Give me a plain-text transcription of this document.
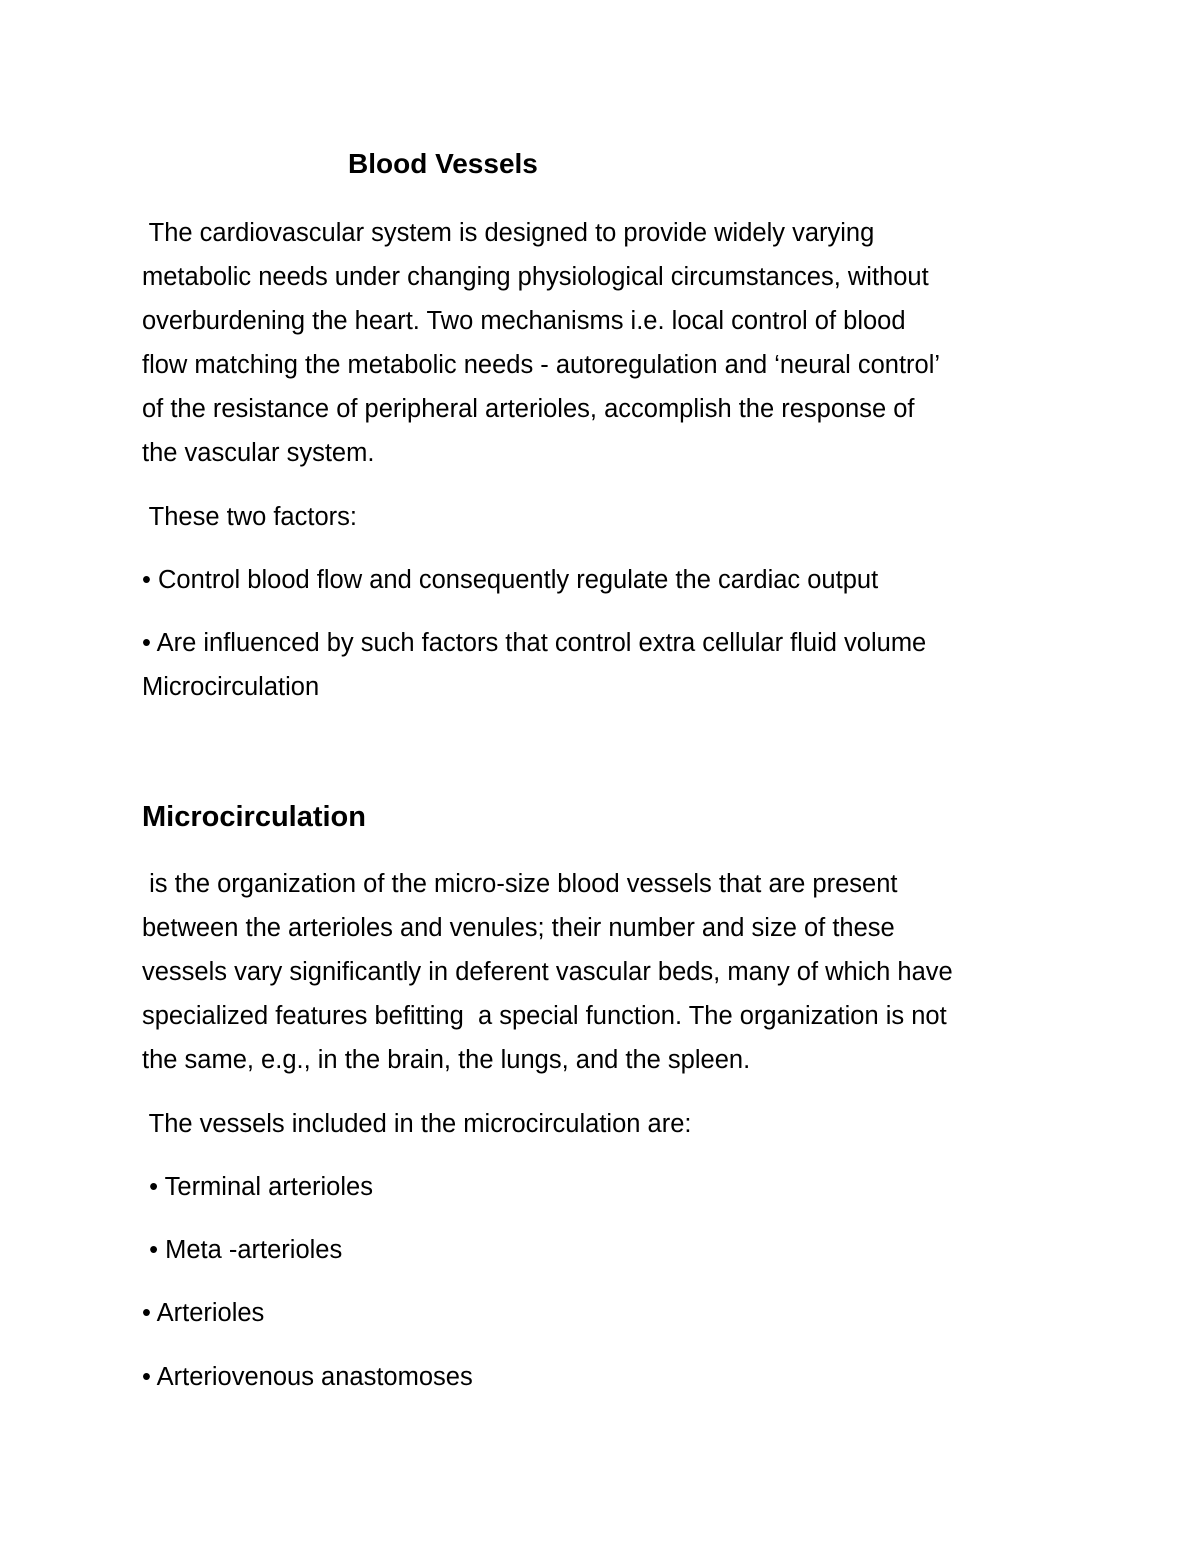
Blood Vessels
The cardiovascular system is designed to provide widely varying
metabolic needs under changing physiological circumstances, without
overburdening the heart. Two mechanisms i.e. local control of blood
flow matching the metabolic needs - autoregulation and ‘neural control’
of the resistance of peripheral arterioles, accomplish the response of
the vascular system.
These two factors:
• Control blood flow and consequently regulate the cardiac output
• Are influenced by such factors that control extra cellular fluid volume
Microcirculation
Microcirculation
is the organization of the micro-size blood vessels that are present
between the arterioles and venules; their number and size of these
vessels vary significantly in deferent vascular beds, many of which have
specialized features befitting  a special function. The organization is not
the same, e.g., in the brain, the lungs, and the spleen.
The vessels included in the microcirculation are:
• Terminal arterioles
• Meta -arterioles
• Arterioles
• Arteriovenous anastomoses
